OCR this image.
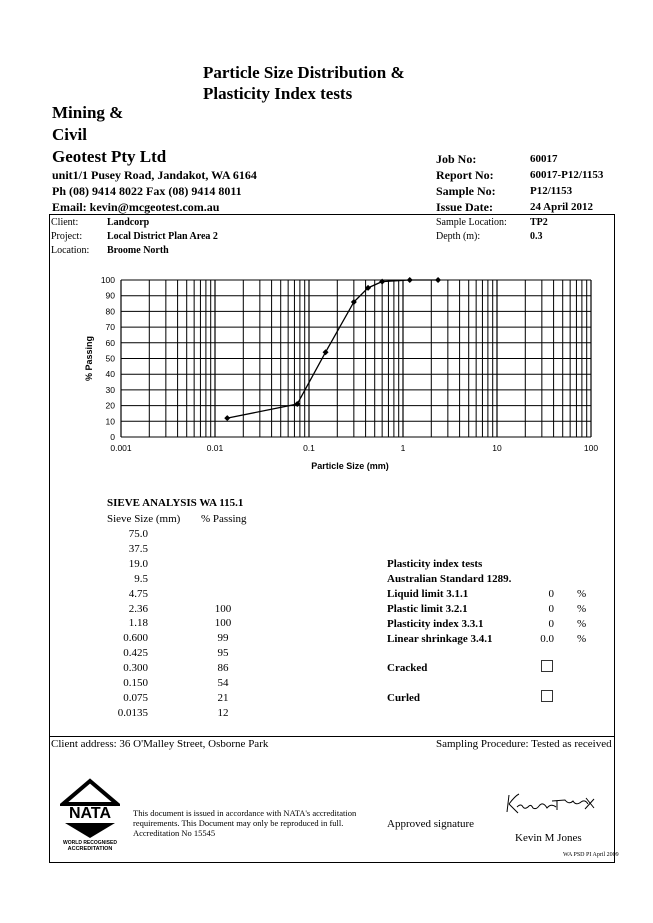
Particle Size Distribution &
Plasticity Index tests
Mining &
Civil
Geotest Pty Ltd
unit1/1 Pusey Road, Jandakot, WA 6164
Ph (08) 9414 8022 Fax (08) 9414 8011
Email: kevin@mcgeotest.com.au
Job No:	60017
Report No:	60017-P12/1153
Sample No:	P12/1153
Issue Date:	24 April 2012
Client:	Landcorp
Project: Local District Plan Area 2
Location: Broome North
Sample Location: TP2
Depth (m):	0.3
0
10
20
30
40
50
60
70
80
90
100
0.001	0.01	0.1	1	10	100
Particle Size (mm)
% Passing
SIEVE ANALYSIS WA 115.1
Sieve Size (mm) % Passing
75.0
37.5
19.0
9.5
4.75
2.36	100
1.18	100
0.600	99
0.425	95
0.300	86
0.150	54
0.075	21
0.0135	12
Plasticity index tests
Australian Standard 1289.
Liquid limit 3.1.1	0 %
Plastic limit 3.2.1	0 %
Plasticity index 3.3.1	0 %
Linear shrinkage 3.4.1	0.0 %
Cracked
Curled
Client address: 36 O'Malley Street, Osborne Park	Sampling Procedure: Tested as received
NATA
WORLD RECOGNISED
ACCREDITATION
This document is issued in accordance with NATA's accreditation
requirements. This Document may only be reproduced in full.
Accreditation No 15545
Approved signature
Kevin M Jones
WA PSD PI April 2009
